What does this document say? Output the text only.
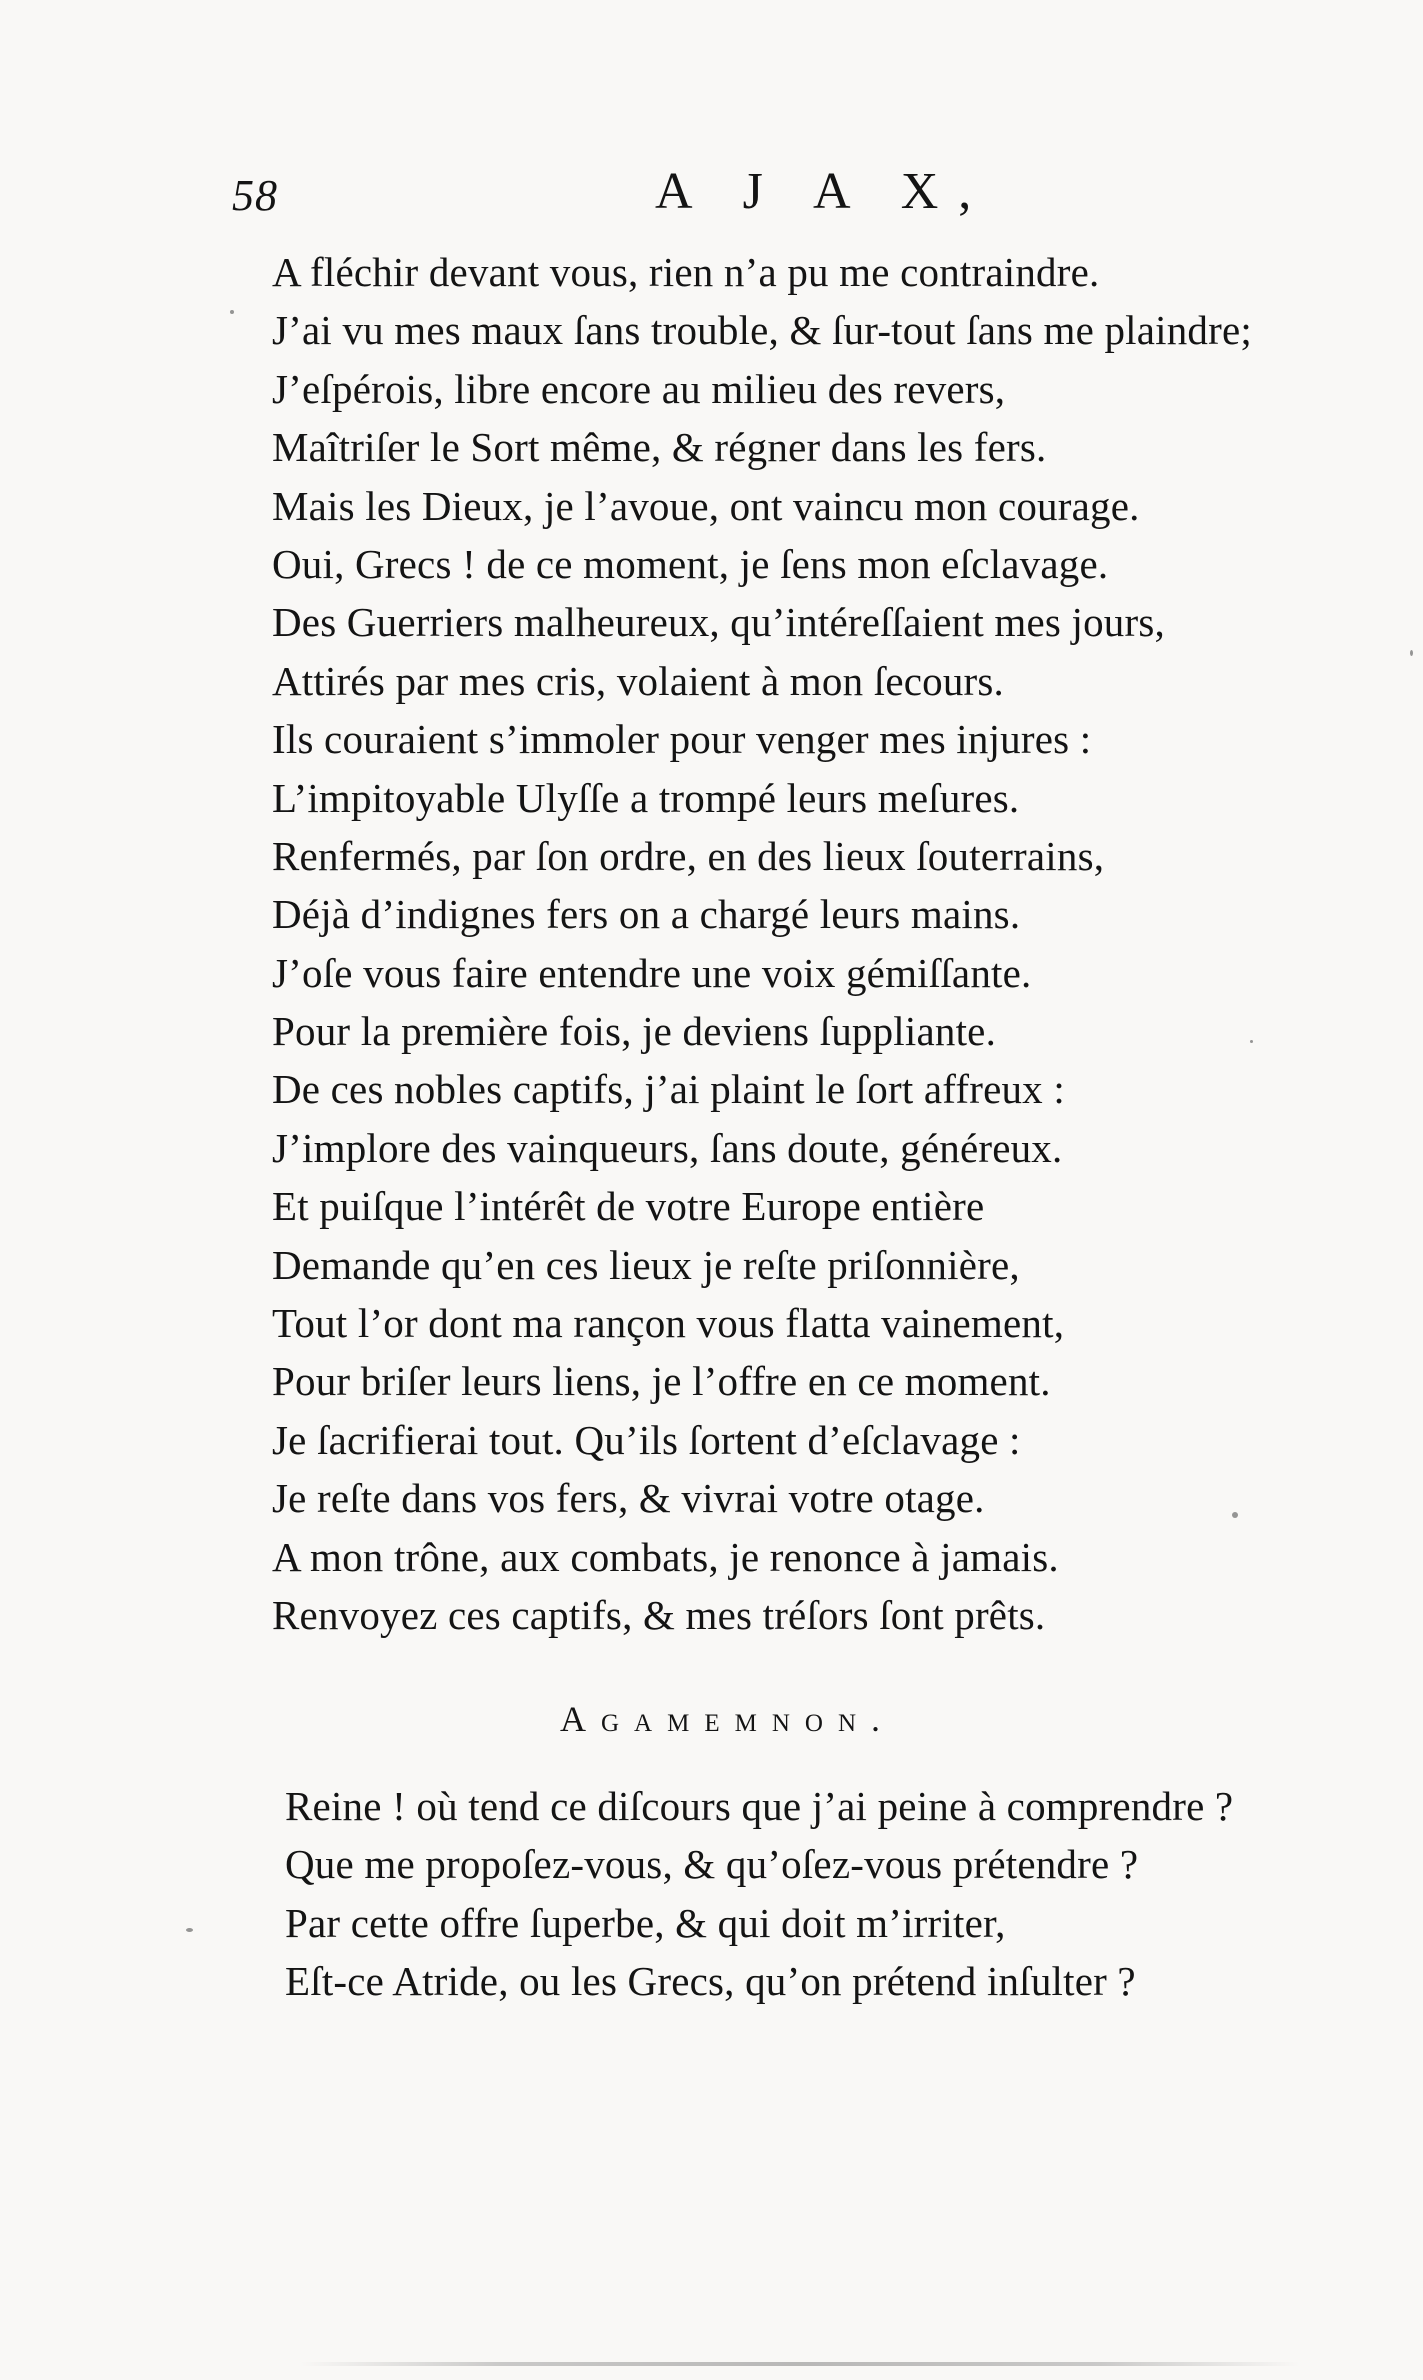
58	A J A X,
A fléchir devant vous, rien n’a pu me contraindre.
J’ai vu mes maux ſans trouble, & ſur-tout ſans me plaindre;
J’eſpérois, libre encore au milieu des revers,
Maîtriſer le Sort même, & régner dans les fers.
Mais les Dieux, je l’avoue, ont vaincu mon courage.
Oui, Grecs ! de ce moment, je ſens mon eſclavage.
Des Guerriers malheureux, qu’intéreſſaient mes jours,
Attirés par mes cris, volaient à mon ſecours.
Ils couraient s’immoler pour venger mes injures :
L’impitoyable Ulyſſe a trompé leurs meſures.
Renfermés, par ſon ordre, en des lieux ſouterrains,
Déjà d’indignes fers on a chargé leurs mains.
J’oſe vous faire entendre une voix gémiſſante.
Pour la première fois, je deviens ſuppliante.
De ces nobles captifs, j’ai plaint le ſort affreux :
J’implore des vainqueurs, ſans doute, généreux.
Et puiſque l’intérêt de votre Europe entière
Demande qu’en ces lieux je reſte priſonnière,
Tout l’or dont ma rançon vous flatta vainement,
Pour briſer leurs liens, je l’offre en ce moment.
Je ſacrifierai tout. Qu’ils ſortent d’eſclavage :
Je reſte dans vos fers, & vivrai votre otage.
A mon trône, aux combats, je renonce à jamais.
Renvoyez ces captifs, & mes tréſors ſont prêts.
Agamemnon.
Reine ! où tend ce diſcours que j’ai peine à comprendre ?
Que me propoſez-vous, & qu’oſez-vous prétendre ?
Par cette offre ſuperbe, & qui doit m’irriter,
Eſt-ce Atride, ou les Grecs, qu’on prétend inſulter ?
